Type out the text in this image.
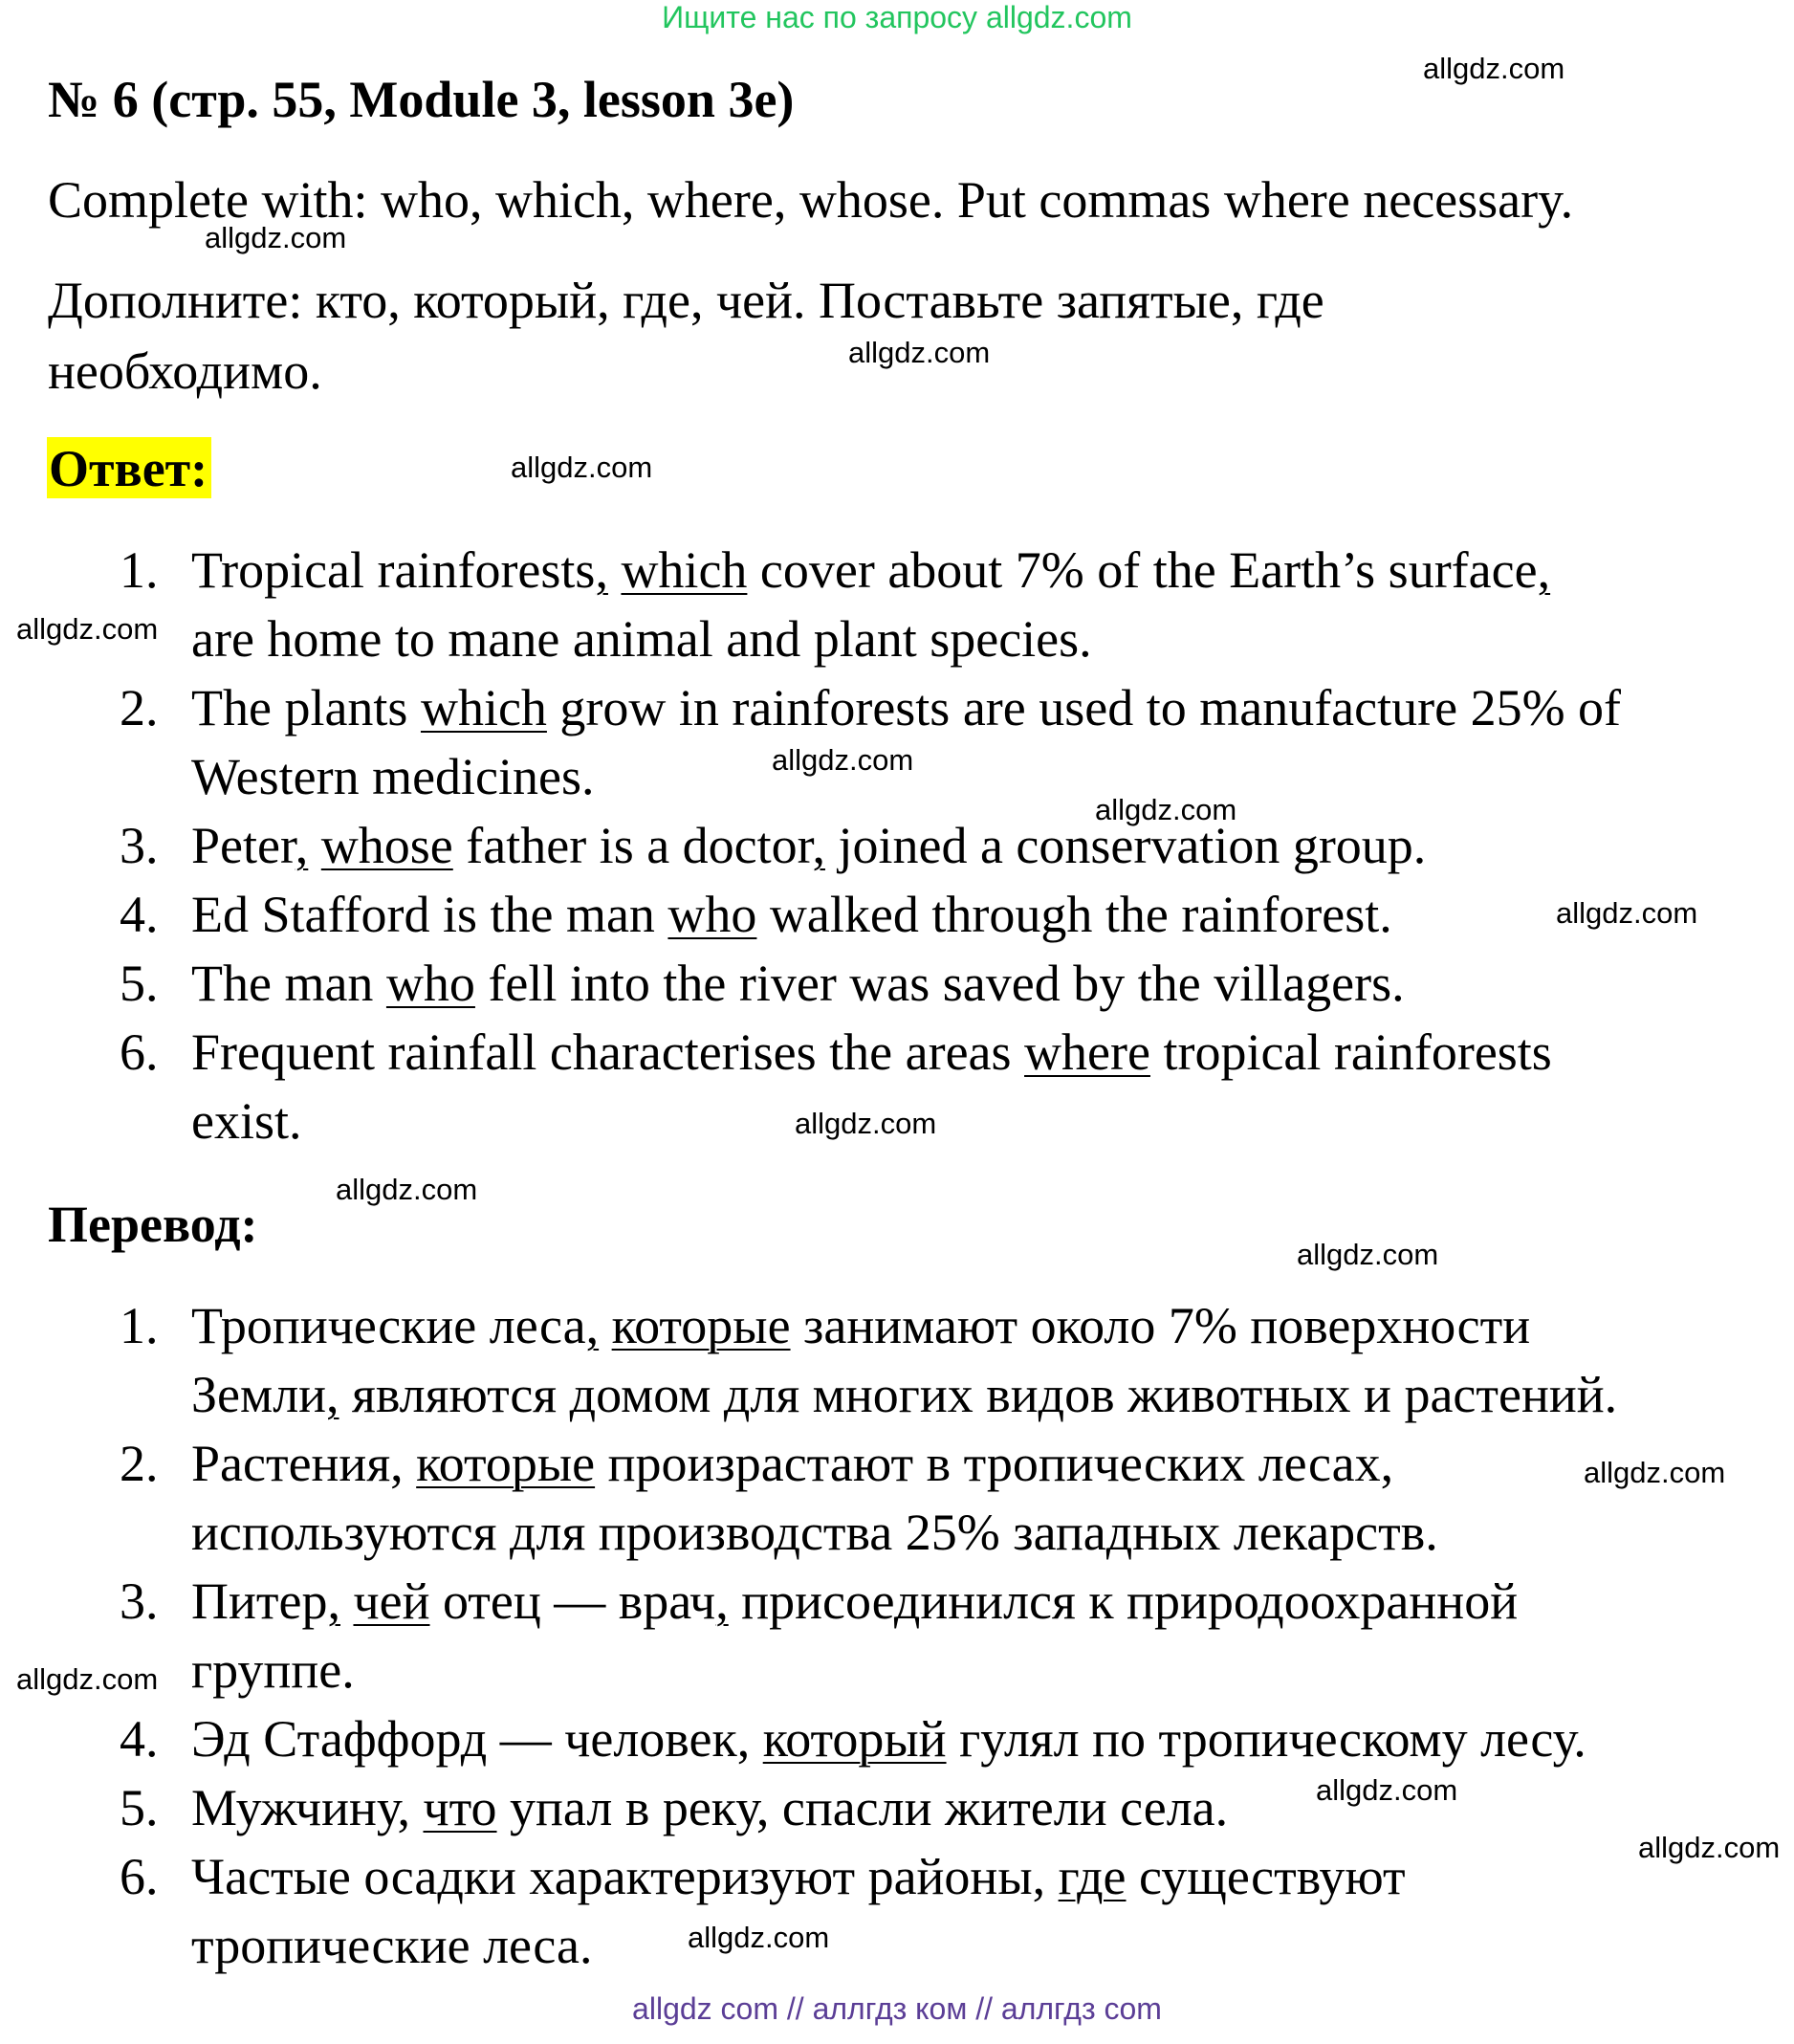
Ищите нас по запросу allgdz.com
№ 6 (стр. 55, Module 3, lesson 3e)
Complete with: who, which, where, whose. Put commas where necessary.
Дополните: кто, который, где, чей. Поставьте запятые, где
необходимо.
Ответ:
1. Tropical rainforests, which cover about 7% of the Earth’s surface,
are home to mane animal and plant species.
2. The plants which grow in rainforests are used to manufacture 25% of
Western medicines.
3. Peter, whose father is a doctor, joined a conservation group.
4. Ed Stafford is the man who walked through the rainforest.
5. The man who fell into the river was saved by the villagers.
6. Frequent rainfall characterises the areas where tropical rainforests
exist.
Перевод:
1. Тропические леса, которые занимают около 7% поверхности
Земли, являются домом для многих видов животных и растений.
2. Растения, которые произрастают в тропических лесах,
используются для производства 25% западных лекарств.
3. Питер, чей отец — врач, присоединился к природоохранной
группе.
4. Эд Стаффорд — человек, который гулял по тропическому лесу.
5. Мужчину, что упал в реку, спасли жители села.
6. Частые осадки характеризуют районы, где существуют
тропические леса.
allgdz.com
allgdz.com
allgdz.com
allgdz.com
allgdz.com
allgdz.com
allgdz.com
allgdz.com
allgdz.com
allgdz.com
allgdz.com
allgdz.com
allgdz.com
allgdz.com
allgdz.com
allgdz.com
allgdz com // аллгдз ком // аллгдз com
